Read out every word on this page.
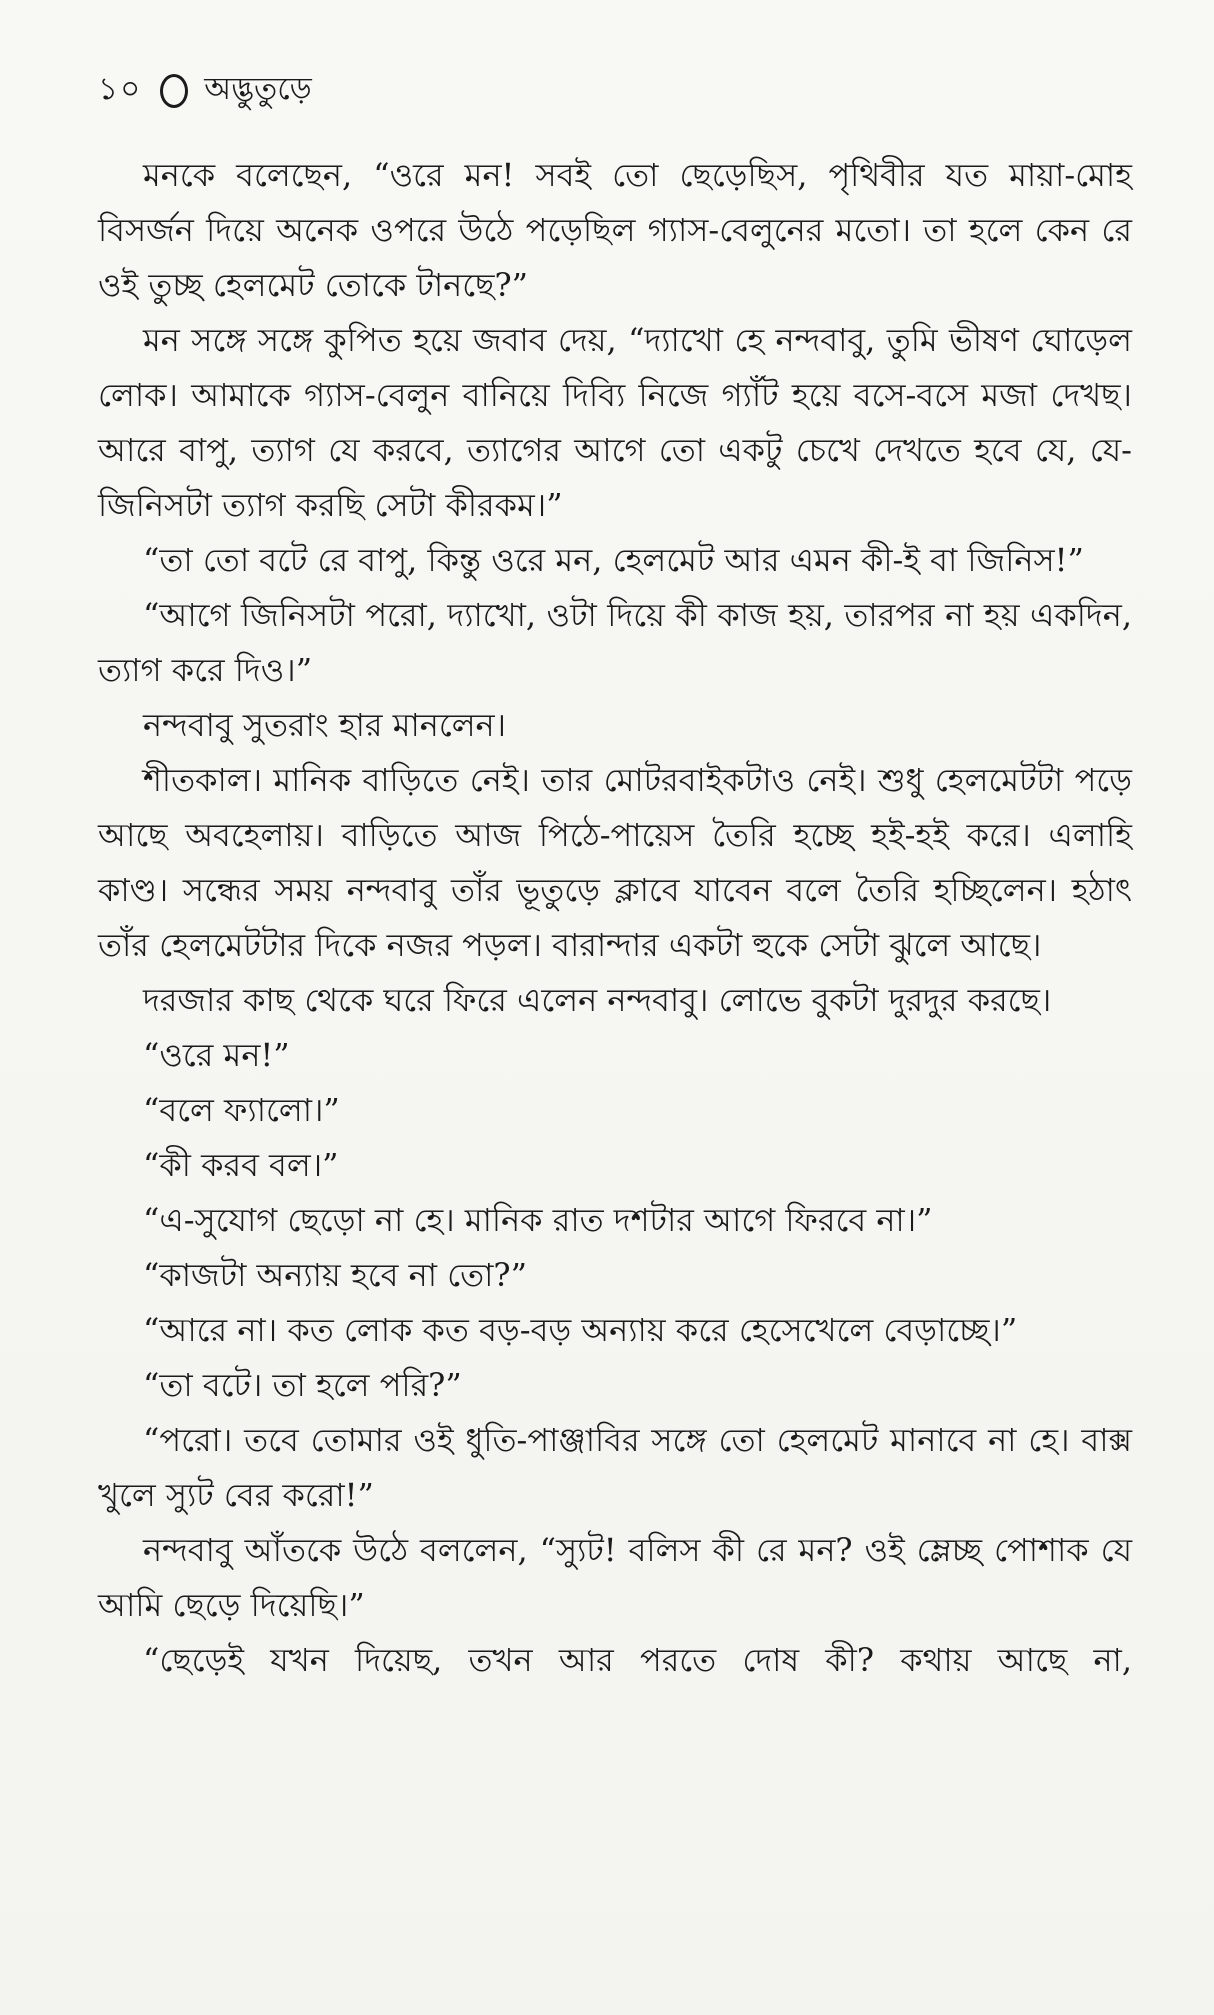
১০ অদ্ভুতুড়ে

মনকে বলেছেন, “ওরে মন! সবই তো ছেড়েছিস, পৃথিবীর যত মায়া-মোহ বিসর্জন দিয়ে অনেক ওপরে উঠে পড়েছিল গ্যাস-বেলুনের মতো। তা হলে কেন রে ওই তুচ্ছ হেলমেট তোকে টানছে?”

মন সঙ্গে সঙ্গে কুপিত হয়ে জবাব দেয়, “দ্যাখো হে নন্দবাবু, তুমি ভীষণ ঘোড়েল লোক। আমাকে গ্যাস-বেলুন বানিয়ে দিব্যি নিজে গ্যাঁট হয়ে বসে-বসে মজা দেখছ। আরে বাপু, ত্যাগ যে করবে, ত্যাগের আগে তো একটু চেখে দেখতে হবে যে, যে-জিনিসটা ত্যাগ করছি সেটা কীরকম।”

“তা তো বটে রে বাপু, কিন্তু ওরে মন, হেলমেট আর এমন কী-ই বা জিনিস!”

“আগে জিনিসটা পরো, দ্যাখো, ওটা দিয়ে কী কাজ হয়, তারপর না হয় একদিন, ত্যাগ করে দিও।”

নন্দবাবু সুতরাং হার মানলেন।

শীতকাল। মানিক বাড়িতে নেই। তার মোটরবাইকটাও নেই। শুধু হেলমেটটা পড়ে আছে অবহেলায়। বাড়িতে আজ পিঠে-পায়েস তৈরি হচ্ছে হই-হই করে। এলাহি কাণ্ড। সন্ধের সময় নন্দবাবু তাঁর ভূতুড়ে ক্লাবে যাবেন বলে তৈরি হচ্ছিলেন। হঠাৎ তাঁর হেলমেটটার দিকে নজর পড়ল। বারান্দার একটা হুকে সেটা ঝুলে আছে।

দরজার কাছ থেকে ঘরে ফিরে এলেন নন্দবাবু। লোভে বুকটা দুরদুর করছে।

“ওরে মন!”

“বলে ফ্যালো।”

“কী করব বল।”

“এ-সুযোগ ছেড়ো না হে। মানিক রাত দশটার আগে ফিরবে না।”

“কাজটা অন্যায় হবে না তো?”

“আরে না। কত লোক কত বড়-বড় অন্যায় করে হেসেখেলে বেড়াচ্ছে।”

“তা বটে। তা হলে পরি?”

“পরো। তবে তোমার ওই ধুতি-পাঞ্জাবির সঙ্গে তো হেলমেট মানাবে না হে। বাক্স খুলে স্যুট বের করো!”

নন্দবাবু আঁতকে উঠে বললেন, “স্যুট! বলিস কী রে মন? ওই ম্লেচ্ছ পোশাক যে আমি ছেড়ে দিয়েছি।”

“ছেড়েই যখন দিয়েছ, তখন আর পরতে দোষ কী? কথায় আছে না,
